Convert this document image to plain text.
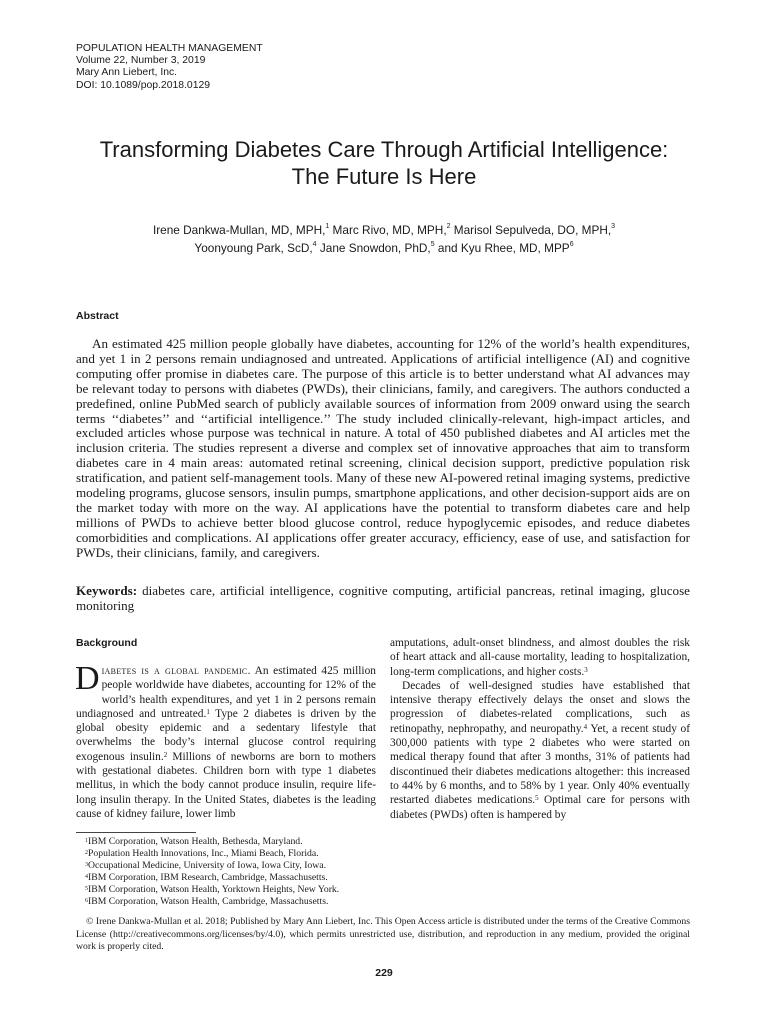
POPULATION HEALTH MANAGEMENT
Volume 22, Number 3, 2019
Mary Ann Liebert, Inc.
DOI: 10.1089/pop.2018.0129
Transforming Diabetes Care Through Artificial Intelligence:
The Future Is Here
Irene Dankwa-Mullan, MD, MPH,$^1$ Marc Rivo, MD, MPH,$^2$ Marisol Sepulveda, DO, MPH,$^3$
Yoonyoung Park, ScD,$^4$ Jane Snowdon, PhD,$^5$ and Kyu Rhee, MD, MPP$^6$
Abstract

An estimated 425 million people globally have diabetes, accounting for 12% of the world’s health expenditures, and yet 1 in 2 persons remain undiagnosed and untreated. Applications of artificial intelligence (AI) and cognitive computing offer promise in diabetes care. The purpose of this article is to better understand what AI advances may be relevant today to persons with diabetes (PWDs), their clinicians, family, and caregivers. The authors conducted a predefined, online PubMed search of publicly available sources of information from 2009 onward using the search terms ‘‘diabetes’’ and ‘‘artificial intelligence.’’ The study included clinically-relevant, high-impact articles, and excluded articles whose purpose was technical in nature. A total of 450 published diabetes and AI articles met the inclusion criteria. The studies represent a diverse and complex set of innovative approaches that aim to transform diabetes care in 4 main areas: automated retinal screening, clinical decision support, predictive population risk stratification, and patient self-management tools. Many of these new AI-powered retinal imaging systems, predictive modeling programs, glucose sensors, insulin pumps, smartphone applications, and other decision-support aids are on the market today with more on the way. AI applications have the potential to transform diabetes care and help millions of PWDs to achieve better blood glucose control, reduce hypoglycemic episodes, and reduce diabetes comorbidities and complications. AI applications offer greater accuracy, efficiency, ease of use, and satisfaction for PWDs, their clinicians, family, and caregivers.

Keywords: diabetes care, artificial intelligence, cognitive computing, artificial pancreas, retinal imaging, glucose monitoring

Background
Diabetes is a global pandemic. An estimated 425 million people worldwide have diabetes, accounting for 12% of the world’s health expenditures, and yet 1 in 2 persons remain undiagnosed and untreated.$^1$ Type 2 diabetes is driven by the global obesity epidemic and a sedentary lifestyle that overwhelms the body’s internal glucose control requiring exogenous insulin.$^2$ Millions of newborns are born to mothers with gestational diabetes. Children born with type 1 diabetes mellitus, in which the body cannot produce insulin, require life-long insulin therapy. In the United States, diabetes is the leading cause of kidney failure, lower limb

amputations, adult-onset blindness, and almost doubles the risk of heart attack and all-cause mortality, leading to hospitalization, long-term complications, and higher costs.$^3$

Decades of well-designed studies have established that intensive therapy effectively delays the onset and slows the progression of diabetes-related complications, such as retinopathy, nephropathy, and neuropathy.$^4$ Yet, a recent study of 300,000 patients with type 2 diabetes who were started on medical therapy found that after 3 months, 31% of patients had discontinued their diabetes medications altogether: this increased to 44% by 6 months, and to 58% by 1 year. Only 40% eventually restarted diabetes medications.$^5$ Optimal care for persons with diabetes (PWDs) often is hampered by

$^1$IBM Corporation, Watson Health, Bethesda, Maryland.
$^2$Population Health Innovations, Inc., Miami Beach, Florida.
$^3$Occupational Medicine, University of Iowa, Iowa City, Iowa.
$^4$IBM Corporation, IBM Research, Cambridge, Massachusetts.
$^5$IBM Corporation, Watson Health, Yorktown Heights, New York.
$^6$IBM Corporation, Watson Health, Cambridge, Massachusetts.

© Irene Dankwa-Mullan et al. 2018; Published by Mary Ann Liebert, Inc. This Open Access article is distributed under the terms of the Creative Commons License (http://creativecommons.org/licenses/by/4.0), which permits unrestricted use, distribution, and reproduction in any medium, provided the original work is properly cited.

229
